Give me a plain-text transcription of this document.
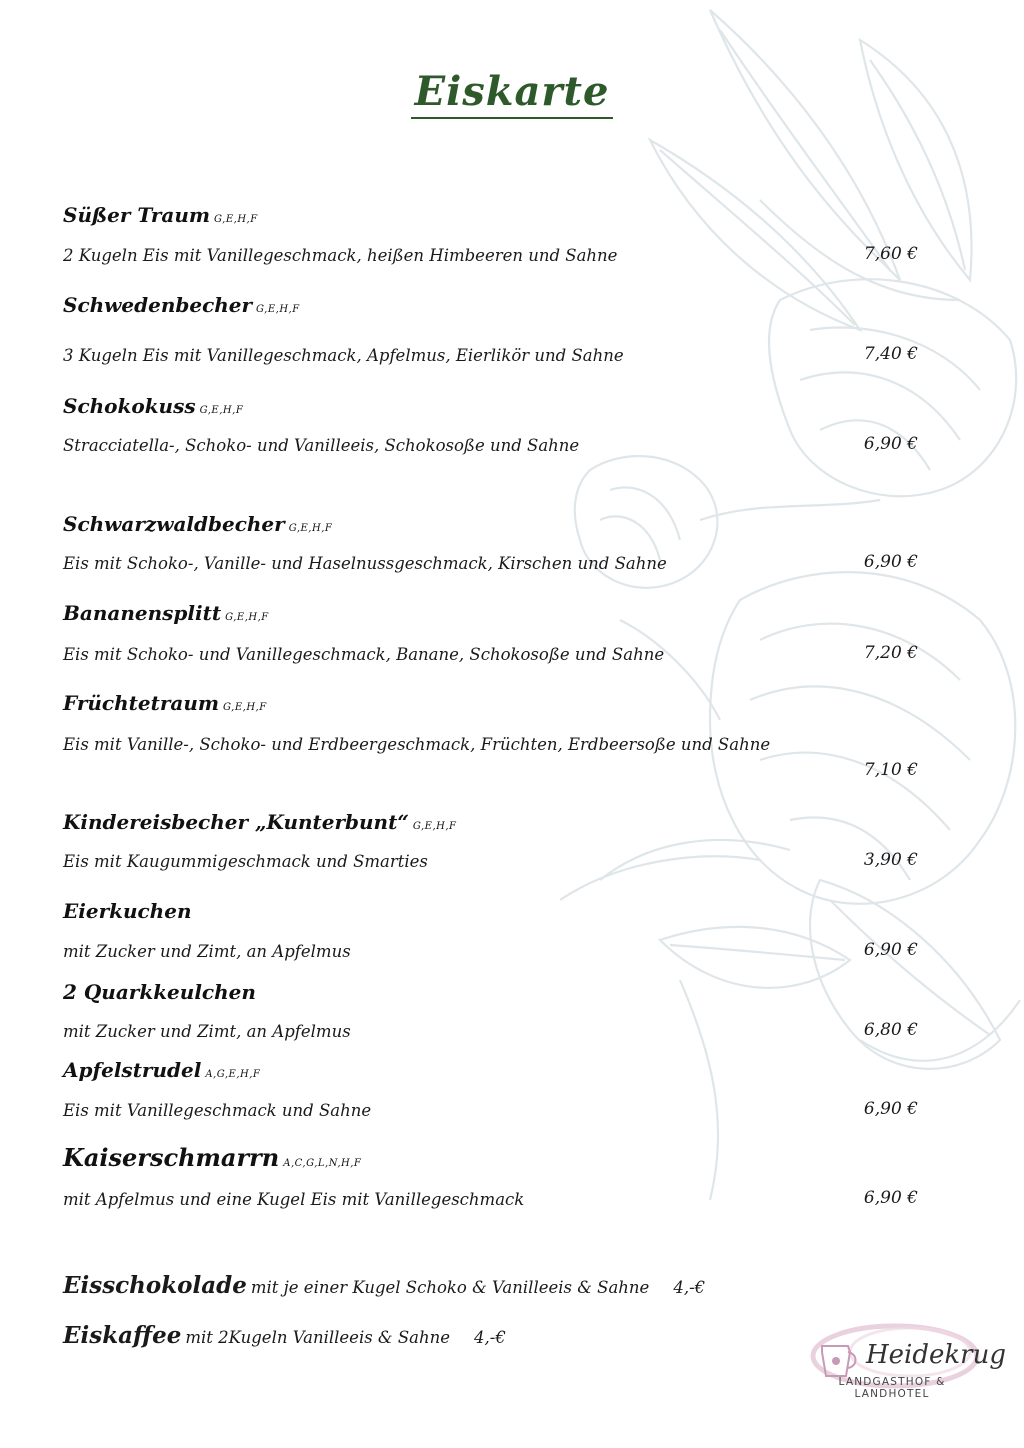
Eiskarte
Süßer Traum G,E,H,F
2 Kugeln Eis mit Vanillegeschmack, heißen Himbeeren und Sahne	7,60 €
Schwedenbecher G,E,H,F
3 Kugeln Eis mit Vanillegeschmack, Apfelmus, Eierlikör und Sahne	7,40 €
Schokokuss G,E,H,F
Stracciatella-, Schoko- und Vanilleeis, Schokosoße und Sahne	6,90 €
Schwarzwaldbecher G,E,H,F
Eis mit Schoko-, Vanille- und Haselnussgeschmack, Kirschen und Sahne	6,90 €
Bananensplitt G,E,H,F
Eis mit Schoko- und Vanillegeschmack, Banane, Schokosoße und Sahne	7,20 €
Früchtetraum G,E,H,F
Eis mit Vanille-, Schoko- und Erdbeergeschmack, Früchten, Erdbeersoße und Sahne
7,10 €
Kindereisbecher „Kunterbunt“ G,E,H,F
Eis mit Kaugummigeschmack und Smarties	3,90 €
Eierkuchen
mit Zucker und Zimt, an Apfelmus	6,90 €
2 Quarkkeulchen
mit Zucker und Zimt, an Apfelmus	6,80 €
Apfelstrudel A,G,E,H,F
Eis mit Vanillegeschmack und Sahne	6,90 €
Kaiserschmarrn A,C,G,L,N,H,F
mit Apfelmus und eine Kugel Eis mit Vanillegeschmack	6,90 €
Eisschokolade mit je einer Kugel Schoko & Vanilleeis & Sahne 4,-€
Eiskaffee mit 2Kugeln Vanilleeis & Sahne 4,-€
Heidekrug
LANDGASTHOF & LANDHOTEL
